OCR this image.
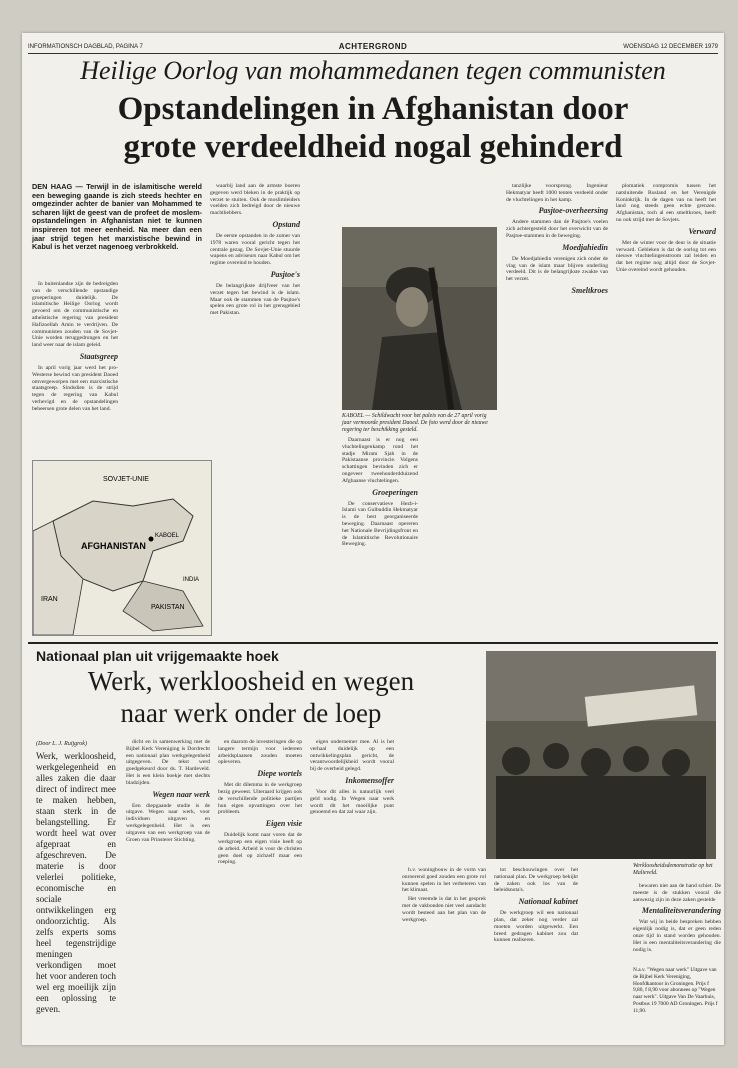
INFORMATIONSCH DAGBLAD, PAGINA 7	ACHTERGROND	WOENSDAG 12 DECEMBER 1979
Heilige Oorlog van mohammedanen tegen communisten
Opstandelingen in Afghanistan door
grote verdeeldheid nogal gehinderd
DEN HAAG — Terwijl in de islamitische wereld een beweging gaande is zich steeds hechter en omgezinder achter de banier van Mohammed te scharen lijkt de geest van de profeet de moslem-opstandelingen in Afghanistan niet te kunnen inspireren tot meer eenheid. Na meer dan een jaar strijd tegen het marxistische bewind in Kabul is het verzet nagenoeg verbrokkeld.

In buitenlandse zijn de bedreigden van de verschillende opstandige groeperingen duidelijk. De islamitische Heilige Oorlog wordt gevoerd om de communistische en atheïstische regering van president Hafizoellah Amin te verdrijven. De communisten zouden van de Sovjet-Unie worden teruggedrongen en het land weer naar de islam geleid.

Staatsgreep

In april vorig jaar werd het pro-Westerse bewind van president Daoed omvergeworpen met een marxistische staatsgreep. Sindsdien is de strijd tegen de regering van Kabul verhevigd en de opstandelingen beheersen grote delen van het land.

SOVJET-UNIE
AFGHANISTAN
KABOEL
PAKISTAN
IRAN
INDIA

waarbij land aan de armste boeren gegeven werd bleken in de praktijk op verzet te stuiten. Ook de moslimleiders voelden zich bedreigd door de nieuwe machthebbers.

Opstand

De eerste opstanden in de zomer van 1978 waren vooral gericht tegen het centrale gezag. De Sovjet-Unie stuurde wapens en adviseurs naar Kabul om het regime overeind te houden.

Pasjtoe's

De belangrijkste drijfveer van het verzet tegen het bewind is de islam. Maar ook de stammen van de Pasjtoe's spelen een grote rol in het grensgebied met Pakistan.

KABOEL — Schildwacht voor het paleis van de 27 april vorig jaar vermoorde president Daoed. De foto werd door de nieuwe regering ter beschikking gesteld.

Daarnaast is er nog een vluchtelingenkamp rond het stadje Miram Sjah in de Pakistaanse provincie. Volgens schattingen bevinden zich er ongeveer tweehonderdduizend Afghaanse vluchtelingen.

Groeperingen

De conservatieve Hezb-i-Islami van Gulbuddin Hekmatyar is de best georganiseerde beweging. Daarnaast opereren het Nationale Bevrijdingsfront en de Islamitische Revolutionaire Beweging.

tanzlijke voorsprong. Ingenieur Hekmatyar heeft 1000 tenten verdeeld onder de vluchtelingen in het kamp.

Pasjtoe-overheersing

Andere stammen dan de Pasjtoe's voelen zich achtergesteld door het overwicht van de Pasjtoe-stammen in de beweging.

Moedjahiedin

De Moedjahiedin verenigen zich onder de vlag van de islam maar blijven onderling verdeeld. Dit is de belangrijkste zwakte van het verzet.

Smeltkroes

plomatiek compromis tussen het natsluitende Rusland en het Verenigde Koninkrijk. In de dagen van nu heeft het land nog steeds geen echte grenzen. Afghanistan, toch al een smeltkroes, heeft nu ook strijd met de Sovjets.

Verward

Met de winter voor de deur is de situatie verward. Gebleken is dat de oorlog tot een nieuwe vluchtelingenstroom zal leiden en dat het regime nog altijd door de Sovjet-Unie overeind wordt gehouden.

Nationaal plan uit vrijgemaakte hoek
Werk, werkloosheid en wegen
naar werk onder de loep
(Door L. J. Ruijgrok)
Werk, werkloosheid, werkgelegenheid en alles zaken die daar direct of indirect mee te maken hebben, staan sterk in de belangstelling. Er wordt heel wat over afgepraat en afgeschreven. De materie is door velerlei politieke, economische en sociale ontwikkelingen erg ondoorzichtig. Als zelfs experts soms heel tegenstrijdige meningen verkondigen moet het voor anderen toch wel erg moeilijk zijn een oplossing te geven.

dicht en in samenwerking met de Bijbel Kerk Vereniging is Dordrecht een nationaal plan werkgelegenheid uitgegeven. De tekst werd goedgekeurd door ds. T. Hardeveld. Het is een klein boekje met slechts bladzijden.

Wegen naar werk

Een diepgaande studie is de uitgave. Wegen naar werk, voor individuen uitgaven en werkgelegenheid. Het is een uitgaven van een werkgroep van de Groen van Prinsterer Stichting.

en daarom de investeringen die op langere termijn voor iedereen arbeidsplaatsen zouden moeten opleveren.

Diepe wortels

Met dit dilemma in de werkgroep bezig geweest. Uiteraard krijgen ook de verschillende politieke partijen hun eigen opvattingen over het probleem.

Eigen visie

Duidelijk komt naar voren dat de werkgroep een eigen visie heeft op de arbeid. Arbeid is voor de christen geen doel op zichzelf maar een roeping.

eigen ondernemer mee. Al is het verhaal duidelijk op een ontwikkelingsplan gericht, de verantwoordelijkheid wordt vooral bij de overheid gelegd.

Inkomensoffer

Voor dit alles is natuurlijk veel geld nodig. In Wegen naar werk wordt dit het moeilijke punt genoemd en dat zal waar zijn.

h.v. woningbouw in de vorm van onroerend goed zouden een grote rol kunnen spelen in het verbeteren van het klimaat.

Het vreemde is dat in het gesprek met de vakbonden niet veel aandacht wordt besteed aan het plan van de werkgroep.

tot beschouwingen over het nationaal plan. De werkgroep bekijkt de zaken ook los van de beleidsnota's.

Nationaal kabinet

De werkgroep wil een nationaal plan, dat zeker nog verder zal moeten worden uitgewerkt. Een breed gedragen kabinet zou dat kunnen realiseren.

Werkloosheidsdemonstratie op het Malieveld.

bewaren niet aan de hand schiet. De meeste is de stukken vooral die aanwezig zijn in deze zaken gestelde

Mentaliteitsverandering

Wat wij in beide bespreken hebben eigenlijk nodig is, dat er geen reden onze tijd in stand worden gehouden. Het is een mentaliteitsverandering die nodig is.

N.a.v. "Wegen naar werk" Uitgave van de Bijbel Kerk Vereniging, Hoofdkantoor in Groningen. Prijs f 9,80, f 8,90 voor abonnees op "Wegen naar werk". Uitgave Van De Vaarhuis, Postbus 19 7000 AD Groningen. Prijs f 11,90.
